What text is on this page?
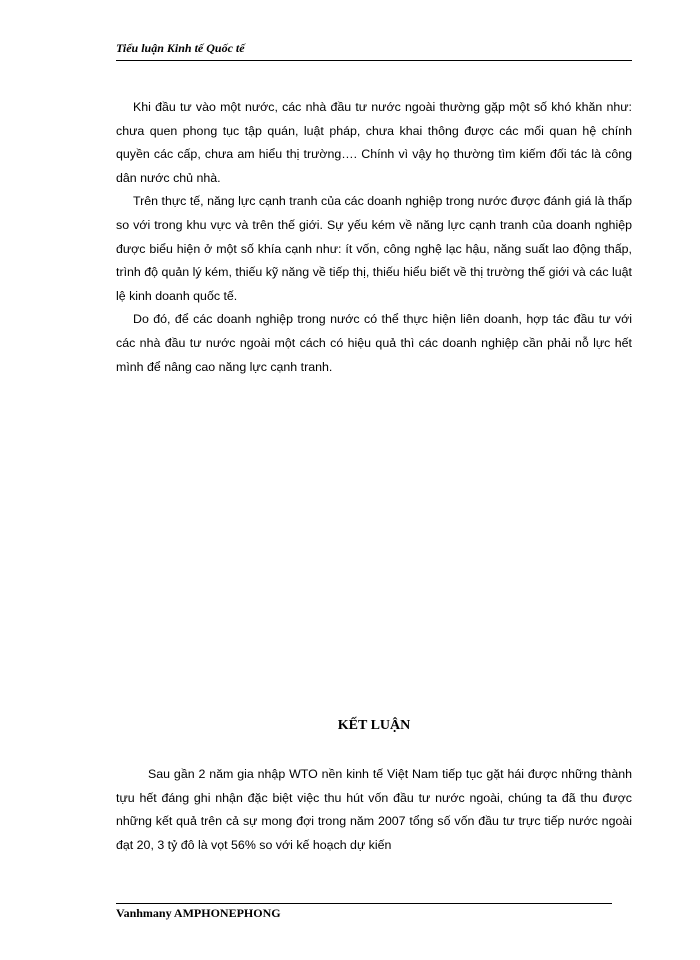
Tiểu luận Kinh tế Quốc tế

Khi đầu tư vào một nước, các nhà đầu tư nước ngoài thường gặp một số khó khăn như: chưa quen phong tục tập quán, luật pháp, chưa khai thông được các mối quan hệ chính quyền các cấp, chưa am hiểu thị trường…. Chính vì vậy họ thường tìm kiếm đối tác là công dân nước chủ nhà.

Trên thực tế, năng lực cạnh tranh của các doanh nghiệp trong nước được đánh giá là thấp so với trong khu vực và trên thế giới. Sự yếu kém về năng lực cạnh tranh của doanh nghiệp được biểu hiện ở một số khía cạnh như: ít vốn, công nghệ lạc hậu, năng suất lao động thấp, trình độ quản lý kém, thiếu kỹ năng về tiếp thị, thiếu hiểu biết về thị trường thế giới và các luật lệ kinh doanh quốc tế.

Do đó, để các doanh nghiệp trong nước có thể thực hiện liên doanh, hợp tác đầu tư với các nhà đầu tư nước ngoài một cách có hiệu quả thì các doanh nghiệp cần phải nỗ lực hết mình để nâng cao năng lực cạnh tranh.

KẾT LUẬN

Sau gần 2 năm gia nhập WTO nền kinh tế Việt Nam tiếp tục gặt hái được những thành tựu hết đáng ghi nhận đặc biệt việc thu hút vốn đầu tư nước ngoài, chúng ta đã thu được những kết quả trên cả sự mong đợi trong năm 2007 tổng số vốn đầu tư trực tiếp nước ngoài đạt 20, 3 tỷ đô là vọt 56% so với kế hoạch dự kiến

Vanhmany AMPHONEPHONG
